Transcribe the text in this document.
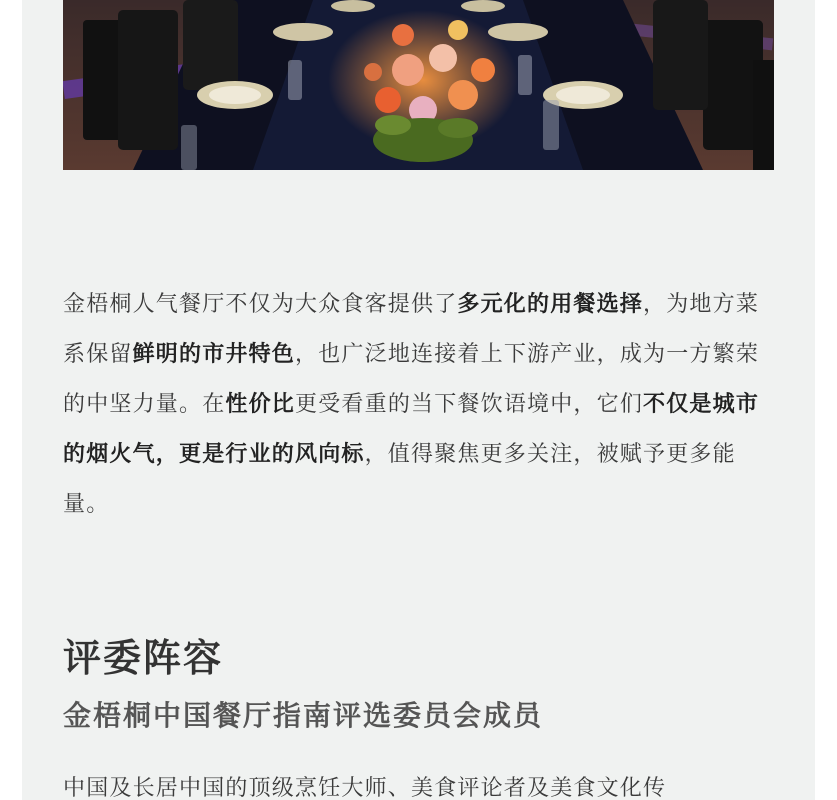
金梧桐人气餐厅不仅为大众食客提供了多元化的用餐选择，为地方菜系保留鲜明的市井特色，也广泛地连接着上下游产业，成为一方繁荣的中坚力量。在性价比更受看重的当下餐饮语境中，它们不仅是城市的烟火气，更是行业的风向标，值得聚焦更多关注，被赋予更多能量。

评委阵容
金梧桐中国餐厅指南评选委员会成员

中国及长居中国的顶级烹饪大师、美食评论者及美食文化传
